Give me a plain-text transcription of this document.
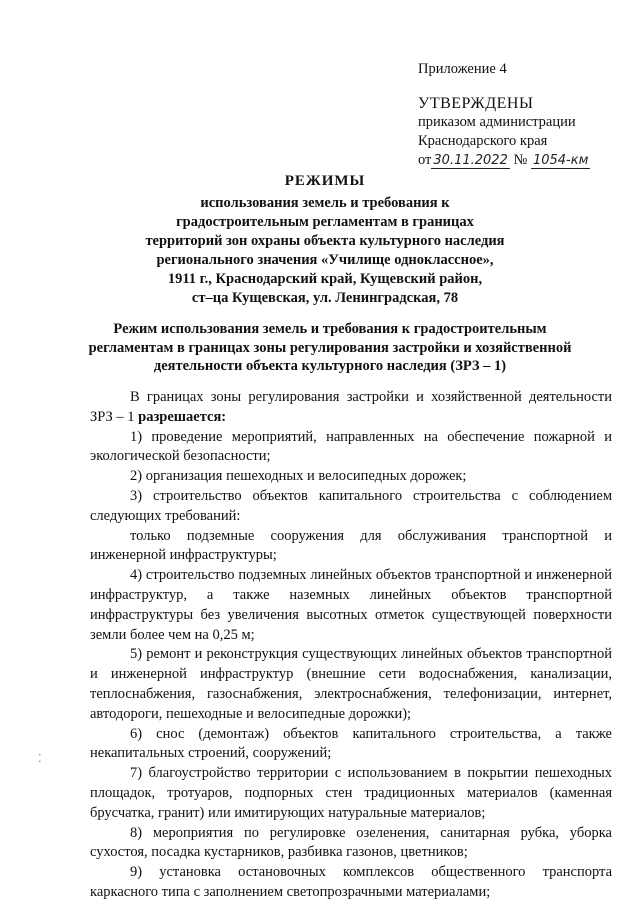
Приложение 4
УТВЕРЖДЕНЫ
приказом администрации
Краснодарского края
от 30.11.2022 № 1054-км
РЕЖИМЫ
использования земель и требования к
градостроительным регламентам в границах
территорий зон охраны объекта культурного наследия
регионального значения «Училище одноклассное»,
1911 г., Краснодарский край, Кущевский район,
ст–ца Кущевская, ул. Ленинградская, 78
Режим использования земель и требования к градостроительным
регламентам в границах зоны регулирования застройки и хозяйственной
деятельности объекта культурного наследия (ЗРЗ – 1)
В границах зоны регулирования застройки и хозяйственной деятельности ЗРЗ – 1 разрешается:
1) проведение мероприятий, направленных на обеспечение пожарной и экологической безопасности;
2) организация пешеходных и велосипедных дорожек;
3) строительство объектов капитального строительства с соблюдением следующих требований:
только подземные сооружения для обслуживания транспортной и инженерной инфраструктуры;
4) строительство подземных линейных объектов транспортной и инженерной инфраструктур, а также наземных линейных объектов транспортной инфраструктуры без увеличения высотных отметок существующей поверхности земли более чем на 0,25 м;
5) ремонт и реконструкция существующих линейных объектов транспортной и инженерной инфраструктур (внешние сети водоснабжения, канализации, теплоснабжения, газоснабжения, электроснабжения, телефонизации, интернет, автодороги, пешеходные и велосипедные дорожки);
6) снос (демонтаж) объектов капитального строительства, а также некапитальных строений, сооружений;
7) благоустройство территории с использованием в покрытии пешеходных площадок, тротуаров, подпорных стен традиционных материалов (каменная брусчатка, гранит) или имитирующих натуральные материалов;
8) мероприятия по регулировке озеленения, санитарная рубка, уборка сухостоя, посадка кустарников, разбивка газонов, цветников;
9) установка остановочных комплексов общественного транспорта каркасного типа с заполнением светопрозрачными материалами;
⁚
